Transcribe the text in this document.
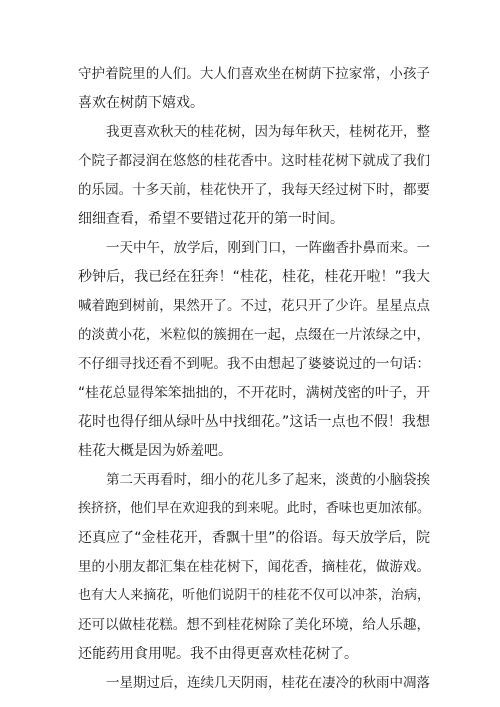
守护着院里的人们。大人们喜欢坐在树荫下拉家常，小孩子
喜欢在树荫下嬉戏。
我更喜欢秋天的桂花树，因为每年秋天，桂树花开，整
个院子都浸润在悠悠的桂花香中。这时桂花树下就成了我们
的乐园。十多天前，桂花快开了，我每天经过树下时，都要
细细查看，希望不要错过花开的第一时间。
一天中午，放学后，刚到门口，一阵幽香扑鼻而来。一
秒钟后，我已经在狂奔！“桂花，桂花，桂花开啦！”我大
喊着跑到树前，果然开了。不过，花只开了少许。星星点点
的淡黄小花，米粒似的簇拥在一起，点缀在一片浓绿之中，
不仔细寻找还看不到呢。我不由想起了婆婆说过的一句话：
“桂花总显得笨笨拙拙的，不开花时，满树茂密的叶子，开
花时也得仔细从绿叶丛中找细花。”这话一点也不假！我想
桂花大概是因为娇羞吧。
第二天再看时，细小的花儿多了起来，淡黄的小脑袋挨
挨挤挤，他们早在欢迎我的到来呢。此时，香味也更加浓郁。
还真应了“金桂花开，香飘十里”的俗语。每天放学后，院
里的小朋友都汇集在桂花树下，闻花香，摘桂花，做游戏。
也有大人来摘花，听他们说阴干的桂花不仅可以冲茶，治病，
还可以做桂花糕。想不到桂花树除了美化环境，给人乐趣，
还能药用食用呢。我不由得更喜欢桂花树了。
一星期过后，连续几天阴雨，桂花在凄冷的秋雨中凋落
